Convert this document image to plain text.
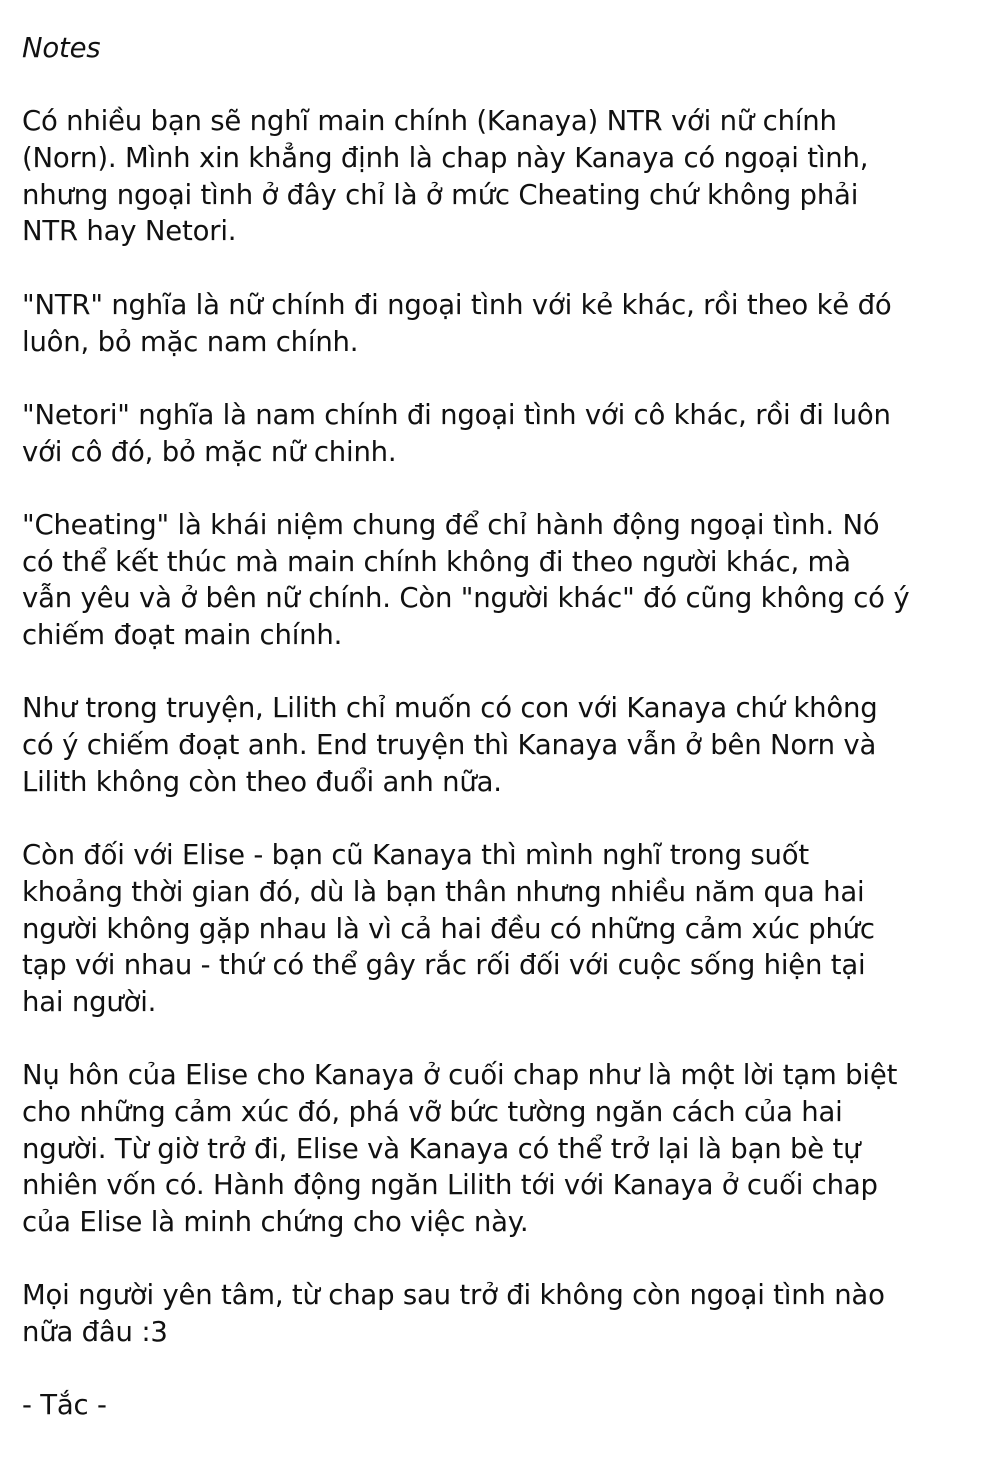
Notes
Có nhiều bạn sẽ nghĩ main chính (Kanaya) NTR với nữ chính
(Norn). Mình xin khẳng định là chap này Kanaya có ngoại tình,
nhưng ngoại tình ở đây chỉ là ở mức Cheating chứ không phải
NTR hay Netori.
"NTR" nghĩa là nữ chính đi ngoại tình với kẻ khác, rồi theo kẻ đó
luôn, bỏ mặc nam chính.
"Netori" nghĩa là nam chính đi ngoại tình với cô khác, rồi đi luôn
với cô đó, bỏ mặc nữ chinh.
"Cheating" là khái niệm chung để chỉ hành động ngoại tình. Nó
có thể kết thúc mà main chính không đi theo người khác, mà
vẫn yêu và ở bên nữ chính. Còn "người khác" đó cũng không có ý
chiếm đoạt main chính.
Như trong truyện, Lilith chỉ muốn có con với Kanaya chứ không
có ý chiếm đoạt anh. End truyện thì Kanaya vẫn ở bên Norn và
Lilith không còn theo đuổi anh nữa.
Còn đối với Elise - bạn cũ Kanaya thì mình nghĩ trong suốt
khoảng thời gian đó, dù là bạn thân nhưng nhiều năm qua hai
người không gặp nhau là vì cả hai đều có những cảm xúc phức
tạp với nhau - thứ có thể gây rắc rối đối với cuộc sống hiện tại
hai người.
Nụ hôn của Elise cho Kanaya ở cuối chap như là một lời tạm biệt
cho những cảm xúc đó, phá vỡ bức tường ngăn cách của hai
người. Từ giờ trở đi, Elise và Kanaya có thể trở lại là bạn bè tự
nhiên vốn có. Hành động ngăn Lilith tới với Kanaya ở cuối chap
của Elise là minh chứng cho việc này.
Mọi người yên tâm, từ chap sau trở đi không còn ngoại tình nào
nữa đâu :3
- Tắc -
